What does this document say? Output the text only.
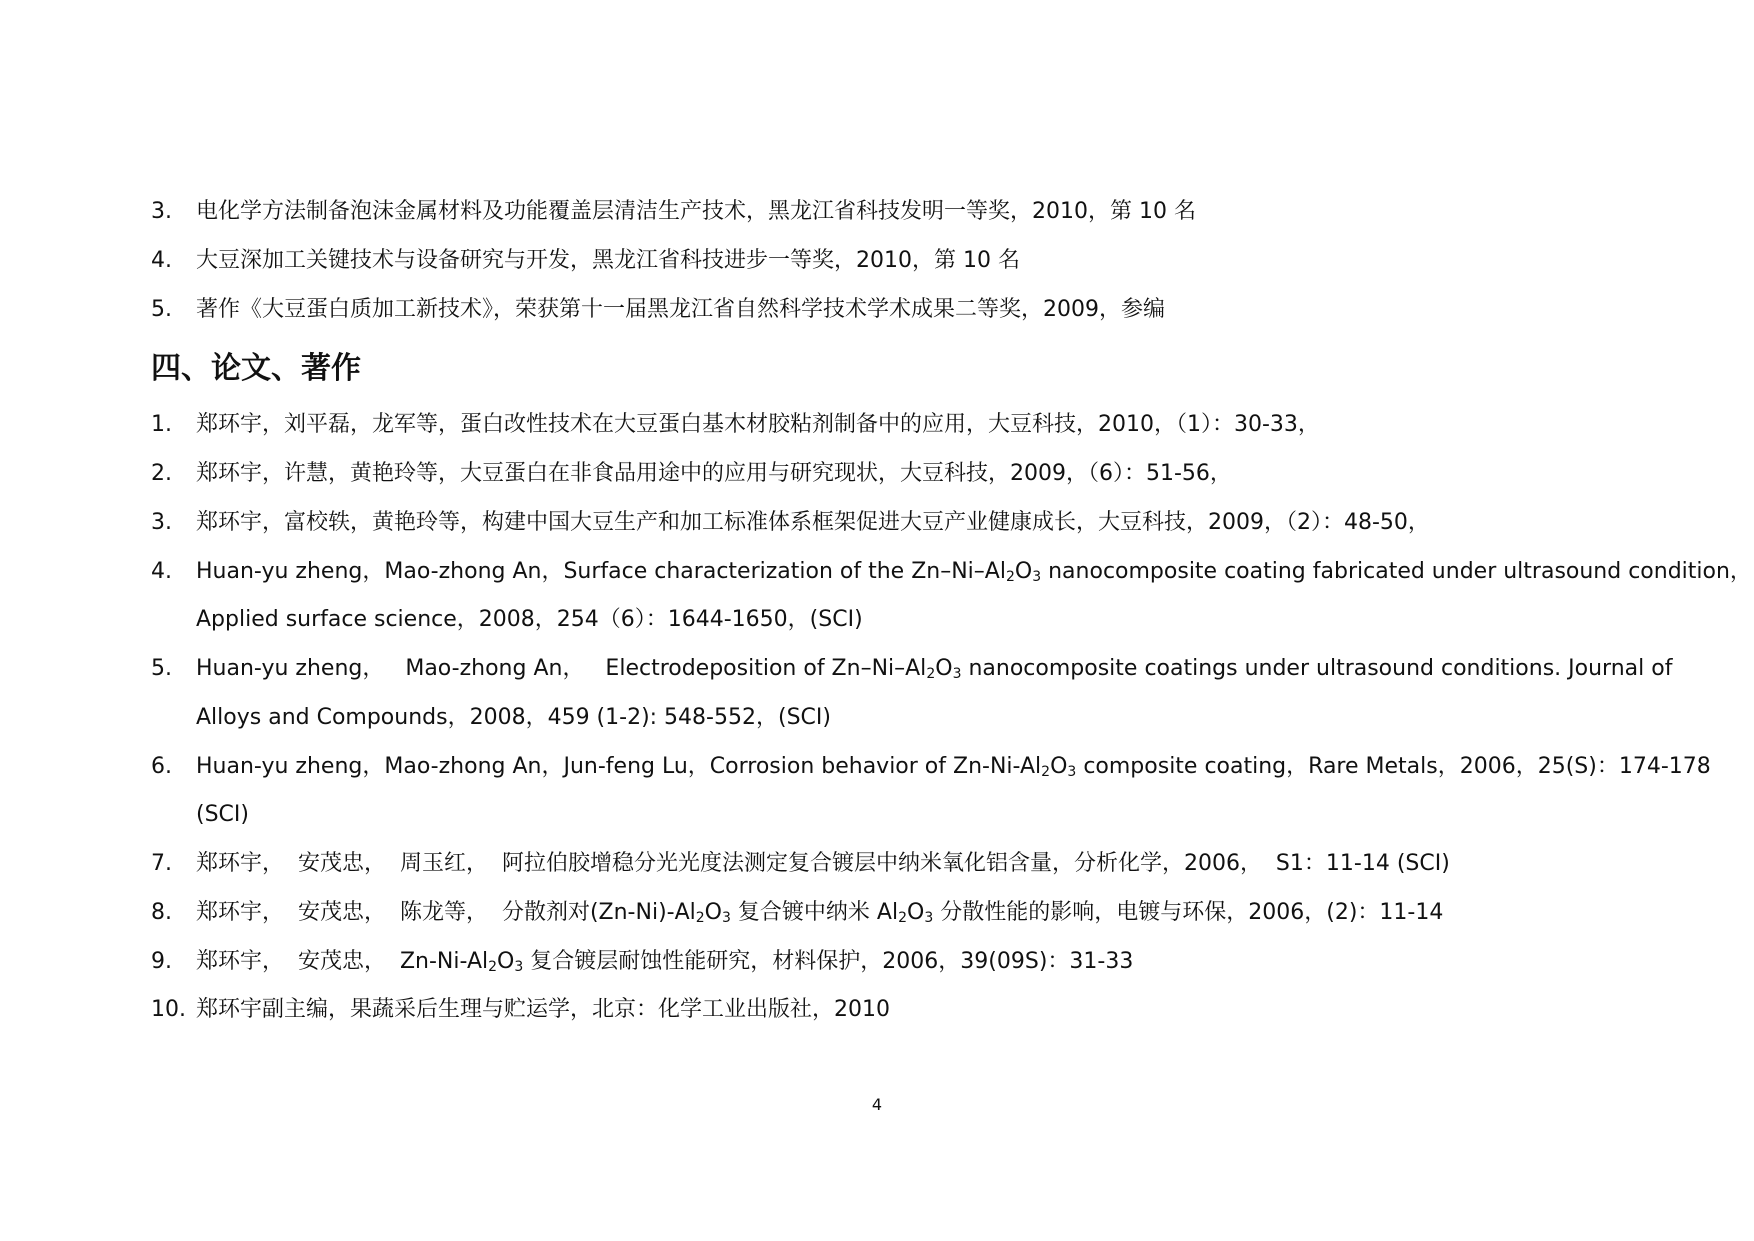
3. 电化学方法制备泡沫金属材料及功能覆盖层清洁生产技术，黑龙江省科技发明一等奖，2010，第 10 名
4. 大豆深加工关键技术与设备研究与开发，黑龙江省科技进步一等奖，2010，第 10 名
5. 著作《大豆蛋白质加工新技术》，荣获第十一届黑龙江省自然科学技术学术成果二等奖，2009，参编
四、论文、著作
1. 郑环宇，刘平磊，龙军等，蛋白改性技术在大豆蛋白基木材胶粘剂制备中的应用，大豆科技，2010，（1）：30-33，
2. 郑环宇，许慧，黄艳玲等，大豆蛋白在非食品用途中的应用与研究现状，大豆科技，2009，（6）：51-56，
3. 郑环宇，富校轶，黄艳玲等，构建中国大豆生产和加工标准体系框架促进大豆产业健康成长，大豆科技，2009，（2）：48-50，
4. Huan-yu zheng，Mao-zhong An，Surface characterization of the $Zn-Ni-Al_2O_3$ nanocomposite coating fabricated under ultrasound condition，
Applied surface science，2008，254（6）：1644-1650，(SCI)
5. Huan-yu zheng，   Mao-zhong An，   Electrodeposition of $Zn-Ni-Al_2O_3$ nanocomposite coatings under ultrasound conditions. Journal of
Alloys and Compounds，2008，459 (1-2): 548-552，(SCI)
6. Huan-yu zheng，Mao-zhong An，Jun-feng Lu，Corrosion behavior of $Zn-Ni-Al_2O_3$ composite coating，Rare Metals，2006，25(S)：174-178
(SCI)
7. 郑环宇，  安茂忠，  周玉红，  阿拉伯胶增稳分光光度法测定复合镀层中纳米氧化铝含量，分析化学，2006，  S1：11-14 (SCI)
8. 郑环宇，  安茂忠，  陈龙等，  分散剂对$(Zn-Ni)-Al_2O_3$ 复合镀中纳米 $Al_2O_3$ 分散性能的影响，电镀与环保，2006，(2)：11-14
9. 郑环宇，  安茂忠，  $Zn-Ni-Al_2O_3$ 复合镀层耐蚀性能研究，材料保护，2006，39(09S)：31-33
10. 郑环宇副主编，果蔬采后生理与贮运学，北京：化学工业出版社，2010
4
